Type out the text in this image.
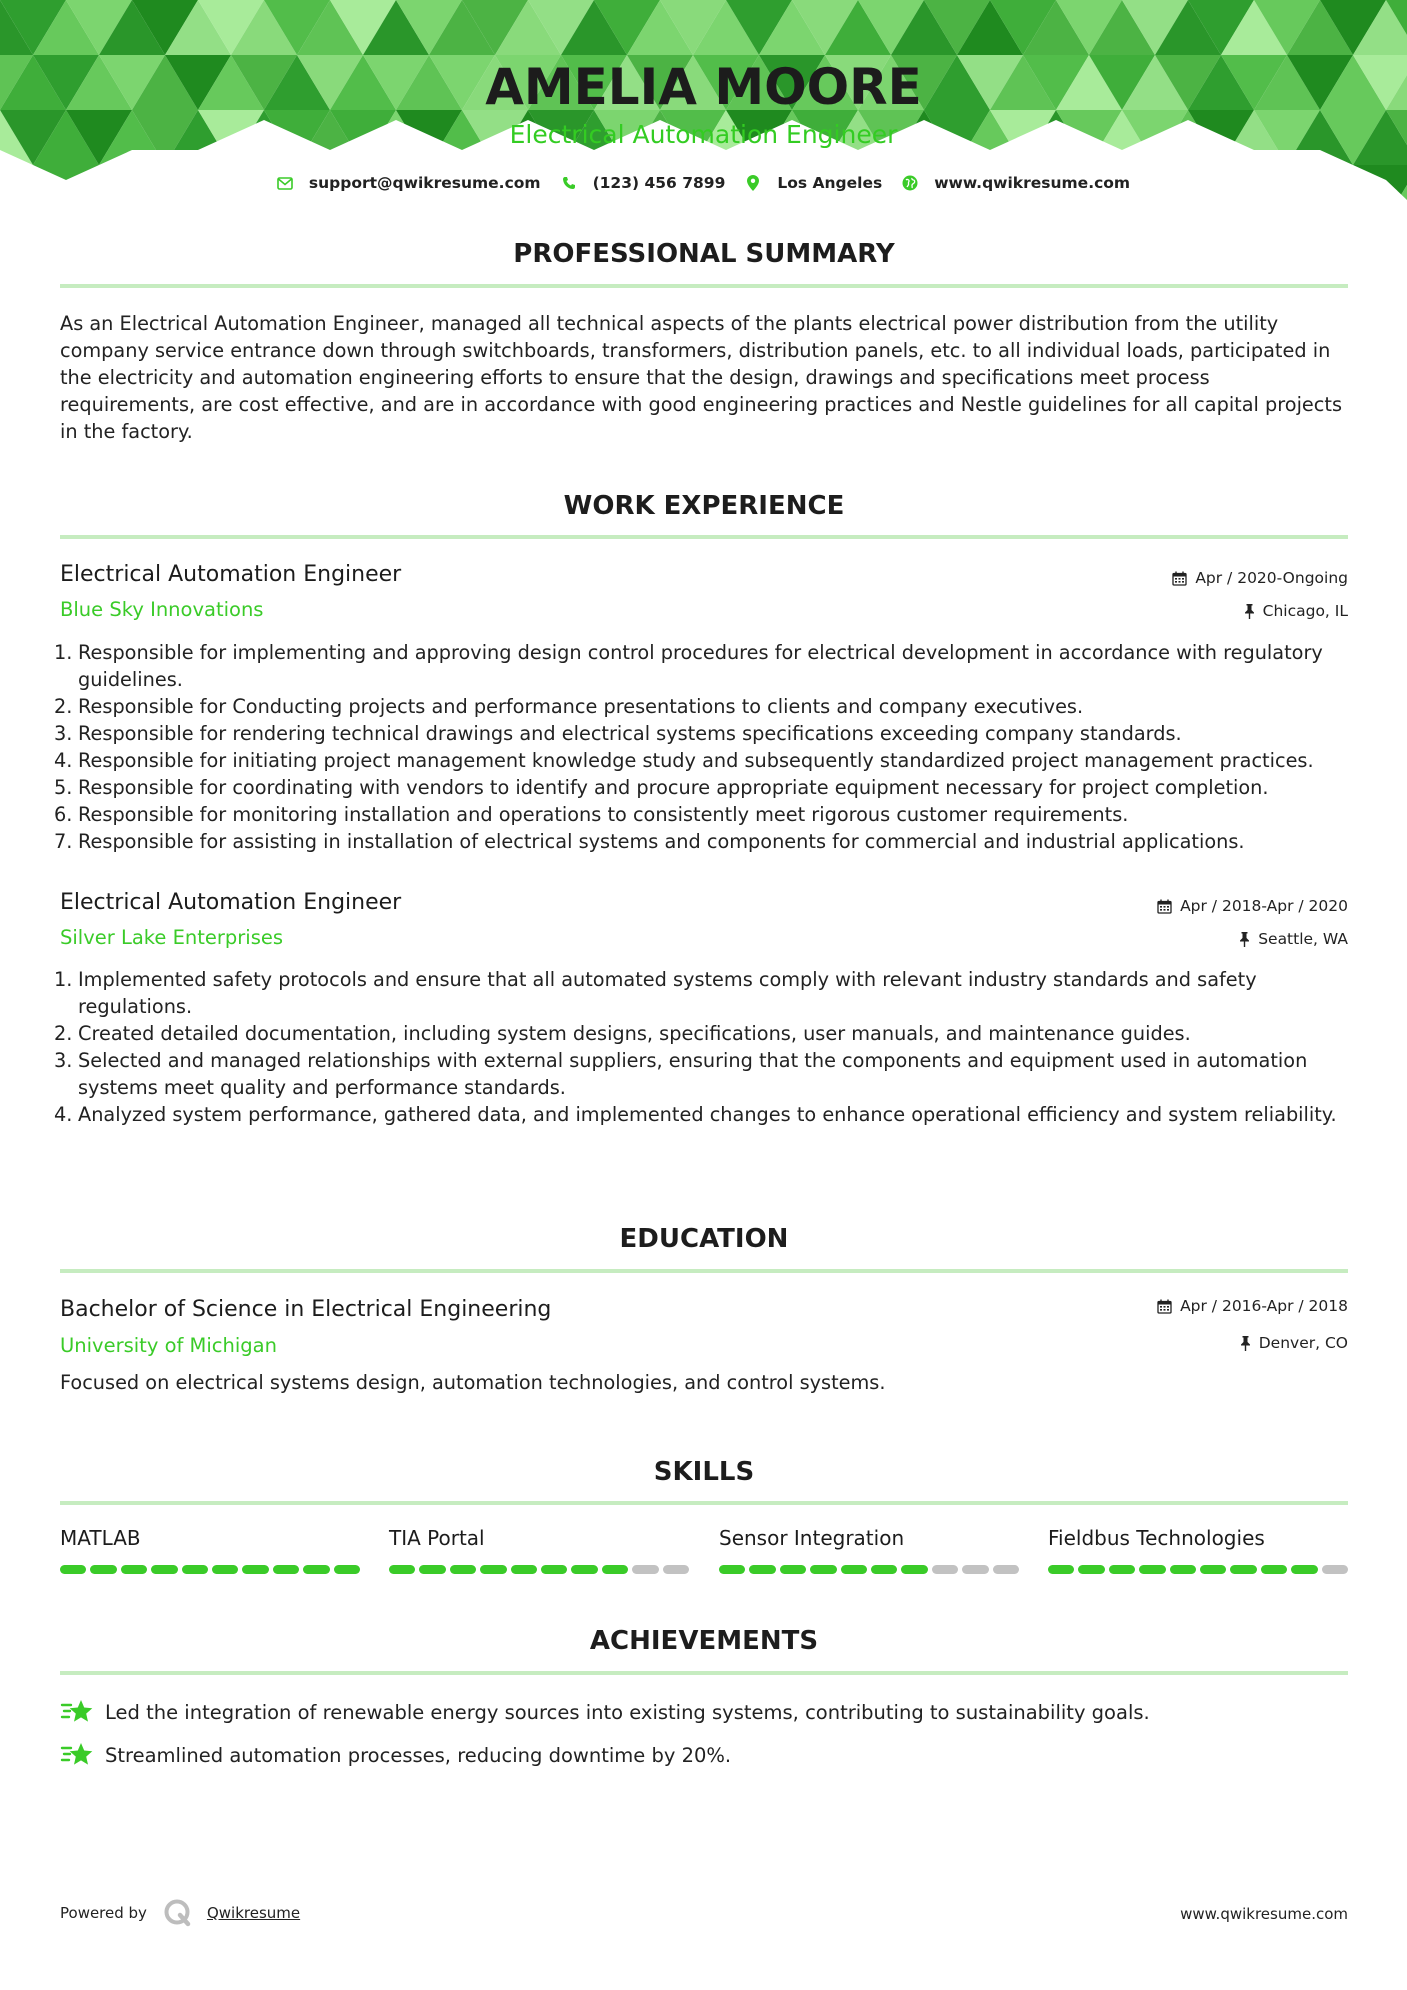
AMELIA MOORE
Electrical Automation Engineer
support@qwikresume.com	(123) 456 7899	Los Angeles	www.qwikresume.com
PROFESSIONAL SUMMARY
As an Electrical Automation Engineer, managed all technical aspects of the plants electrical power distribution from the utility company service entrance down through switchboards, transformers, distribution panels, etc. to all individual loads, participated in the electricity and automation engineering efforts to ensure that the design, drawings and specifications meet process requirements, are cost effective, and are in accordance with good engineering practices and Nestle guidelines for all capital projects in the factory.
WORK EXPERIENCE
Electrical Automation Engineer
Blue Sky Innovations
Apr / 2020-Ongoing
Chicago, IL
Responsible for implementing and approving design control procedures for electrical development in accordance with regulatory guidelines.
Responsible for Conducting projects and performance presentations to clients and company executives.
Responsible for rendering technical drawings and electrical systems specifications exceeding company standards.
Responsible for initiating project management knowledge study and subsequently standardized project management practices.
Responsible for coordinating with vendors to identify and procure appropriate equipment necessary for project completion.
Responsible for monitoring installation and operations to consistently meet rigorous customer requirements.
Responsible for assisting in installation of electrical systems and components for commercial and industrial applications.
Electrical Automation Engineer
Silver Lake Enterprises
Apr / 2018-Apr / 2020
Seattle, WA
Implemented safety protocols and ensure that all automated systems comply with relevant industry standards and safety regulations.
Created detailed documentation, including system designs, specifications, user manuals, and maintenance guides.
Selected and managed relationships with external suppliers, ensuring that the components and equipment used in automation systems meet quality and performance standards.
Analyzed system performance, gathered data, and implemented changes to enhance operational efficiency and system reliability.
EDUCATION
Bachelor of Science in Electrical Engineering
University of Michigan
Apr / 2016-Apr / 2018
Denver, CO
Focused on electrical systems design, automation technologies, and control systems.
SKILLS
MATLAB	TIA Portal	Sensor Integration	Fieldbus Technologies
ACHIEVEMENTS
Led the integration of renewable energy sources into existing systems, contributing to sustainability goals.
Streamlined automation processes, reducing downtime by 20%.
Powered by	Qwikresume	www.qwikresume.com
